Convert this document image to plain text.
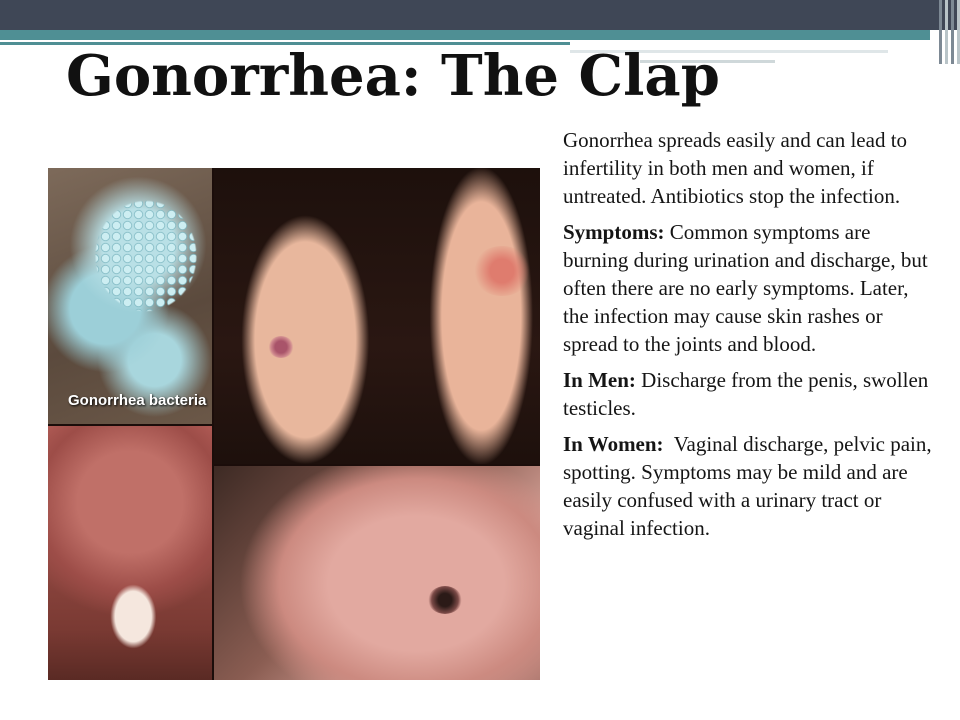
Gonorrhea: The Clap
Gonorrhea bacteria

Gonorrhea spreads easily and can lead to infertility in both men and women, if untreated. Antibiotics stop the infection.

Symptoms: Common symptoms are burning during urination and discharge, but often there are no early symptoms. Later, the infection may cause skin rashes or spread to the joints and blood.

In Men: Discharge from the penis, swollen testicles.

In Women: Vaginal discharge, pelvic pain, spotting. Symptoms may be mild and are easily confused with a urinary tract or vaginal infection.
